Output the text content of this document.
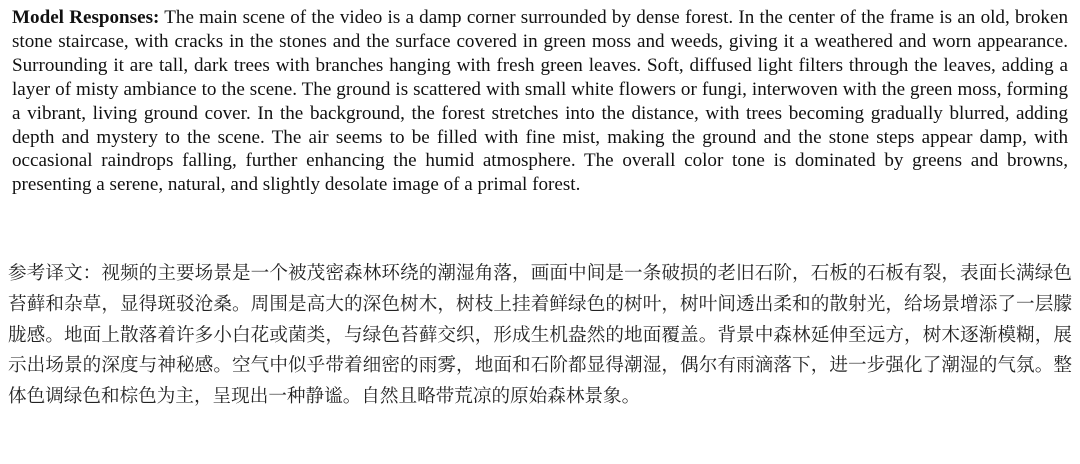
Model Responses: The main scene of the video is a damp corner surrounded by dense forest. In the center of the frame is an old, broken stone staircase, with cracks in the stones and the surface covered in green moss and weeds, giving it a weathered and worn appearance. Surrounding it are tall, dark trees with branches hanging with fresh green leaves. Soft, diffused light filters through the leaves, adding a layer of misty ambiance to the scene. The ground is scattered with small white flowers or fungi, interwoven with the green moss, forming a vibrant, living ground cover. In the background, the forest stretches into the distance, with trees becoming gradually blurred, adding depth and mystery to the scene. The air seems to be filled with fine mist, making the ground and the stone steps appear damp, with occasional raindrops falling, further enhancing the humid atmosphere. The overall color tone is dominated by greens and browns, presenting a serene, natural, and slightly desolate image of a primal forest.
参考译文：视频的主要场景是一个被茂密森林环绕的潮湿角落，画面中间是一条破损的老旧石阶，石板的石板有裂，表面长满绿色苔藓和杂草，显得斑驳沧桑。周围是高大的深色树木，树枝上挂着鲜绿色的树叶，树叶间透出柔和的散射光，给场景增添了一层朦胧感。地面上散落着许多小白花或菌类，与绿色苔藓交织，形成生机盎然的地面覆盖。背景中森林延伸至远方，树木逐渐模糊，展示出场景的深度与神秘感。空气中似乎带着细密的雨雾，地面和石阶都显得潮湿，偶尔有雨滴落下，进一步强化了潮湿的气氛。整体色调绿色和棕色为主，呈现出一种静谧。自然且略带荒凉的原始森林景象。
